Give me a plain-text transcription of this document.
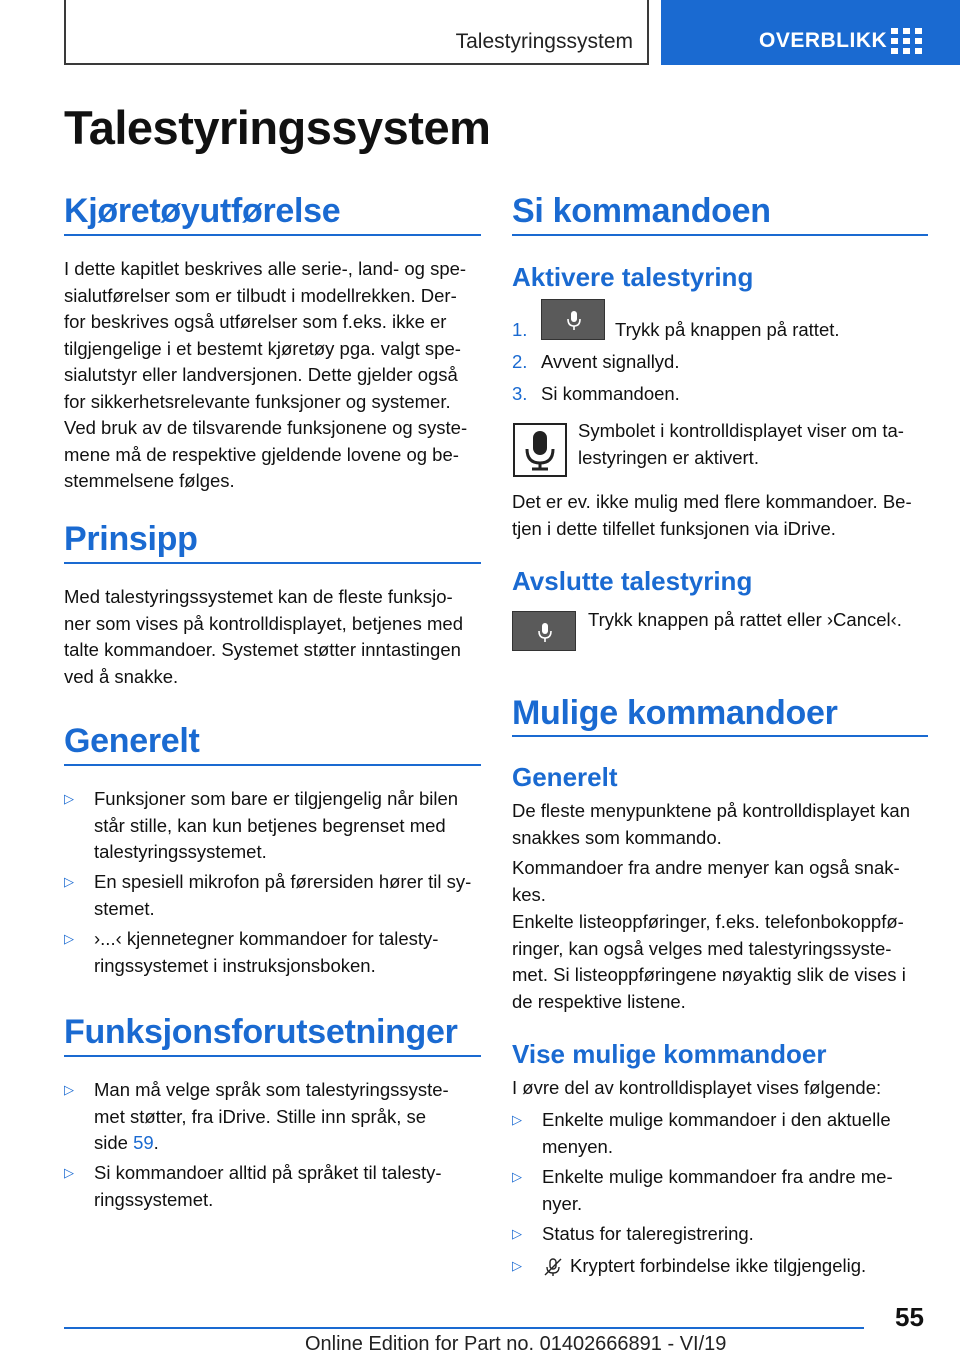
Talestyringssystem	OVERBLIKK
Talestyringssystem
Kjøretøyutførelse
I dette kapitlet beskrives alle serie-, land- og spe-
sialutførelser som er tilbudt i modellrekken. Der-
for beskrives også utførelser som f.eks. ikke er
tilgjengelige i et bestemt kjøretøy pga. valgt spe-
sialutstyr eller landversjonen. Dette gjelder også
for sikkerhetsrelevante funksjoner og systemer.
Ved bruk av de tilsvarende funksjonene og syste-
mene må de respektive gjeldende lovene og be-
stemmelsene følges.
Prinsipp
Med talestyringssystemet kan de fleste funksjo-
ner som vises på kontrolldisplayet, betjenes med
talte kommandoer. Systemet støtter inntastingen
ved å snakke.
Generelt
▷ Funksjoner som bare er tilgjengelig når bilen
står stille, kan kun betjenes begrenset med
talestyringssystemet.
▷ En spesiell mikrofon på førersiden hører til sy-
stemet.
▷ ›...‹ kjennetegner kommandoer for talesty-
ringssystemet i instruksjonsboken.
Funksjonsforutsetninger
▷ Man må velge språk som talestyringssyste-
met støtter, fra iDrive. Stille inn språk, se
side 59.
▷ Si kommandoer alltid på språket til talesty-
ringssystemet.
Si kommandoen
Aktivere talestyring
1.	Trykk på knappen på rattet.
2. Avvent signallyd.
3. Si kommandoen.
Symbolet i kontrolldisplayet viser om ta-
lestyringen er aktivert.
Det er ev. ikke mulig med flere kommandoer. Be-
tjen i dette tilfellet funksjonen via iDrive.
Avslutte talestyring
Trykk knappen på rattet eller ›Cancel‹.
Mulige kommandoer
Generelt
De fleste menypunktene på kontrolldisplayet kan
snakkes som kommando.
Kommandoer fra andre menyer kan også snak-
kes.
Enkelte listeoppføringer, f.eks. telefonbokoppfø-
ringer, kan også velges med talestyringssyste-
met. Si listeoppføringene nøyaktig slik de vises i
de respektive listene.
Vise mulige kommandoer
I øvre del av kontrolldisplayet vises følgende:
▷ Enkelte mulige kommandoer i den aktuelle
menyen.
▷ Enkelte mulige kommandoer fra andre me-
nyer.
▷ Status for taleregistrering.
▷	Kryptert forbindelse ikke tilgjengelig.
55
Online Edition for Part no. 01402666891 - VI/19
